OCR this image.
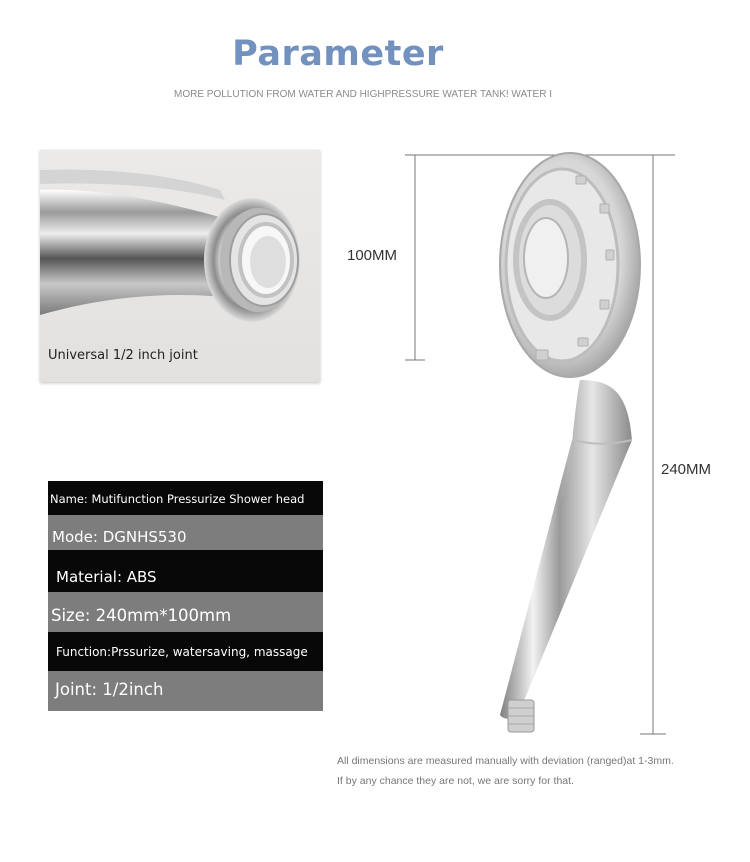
Parameter
MORE POLLUTION FROM WATER AND HIGHPRESSURE WATER TANK! WATER I
Universal 1/2 inch joint
Name: Mutifunction Pressurize Shower head
Mode: DGNHS530
Material: ABS
Size: 240mm*100mm
Function:Prssurize, watersaving, massage
Joint: 1/2inch
100MM
240MM
All dimensions are measured manually with deviation (ranged)at 1-3mm.
If by any chance they are not, we are sorry for that.
